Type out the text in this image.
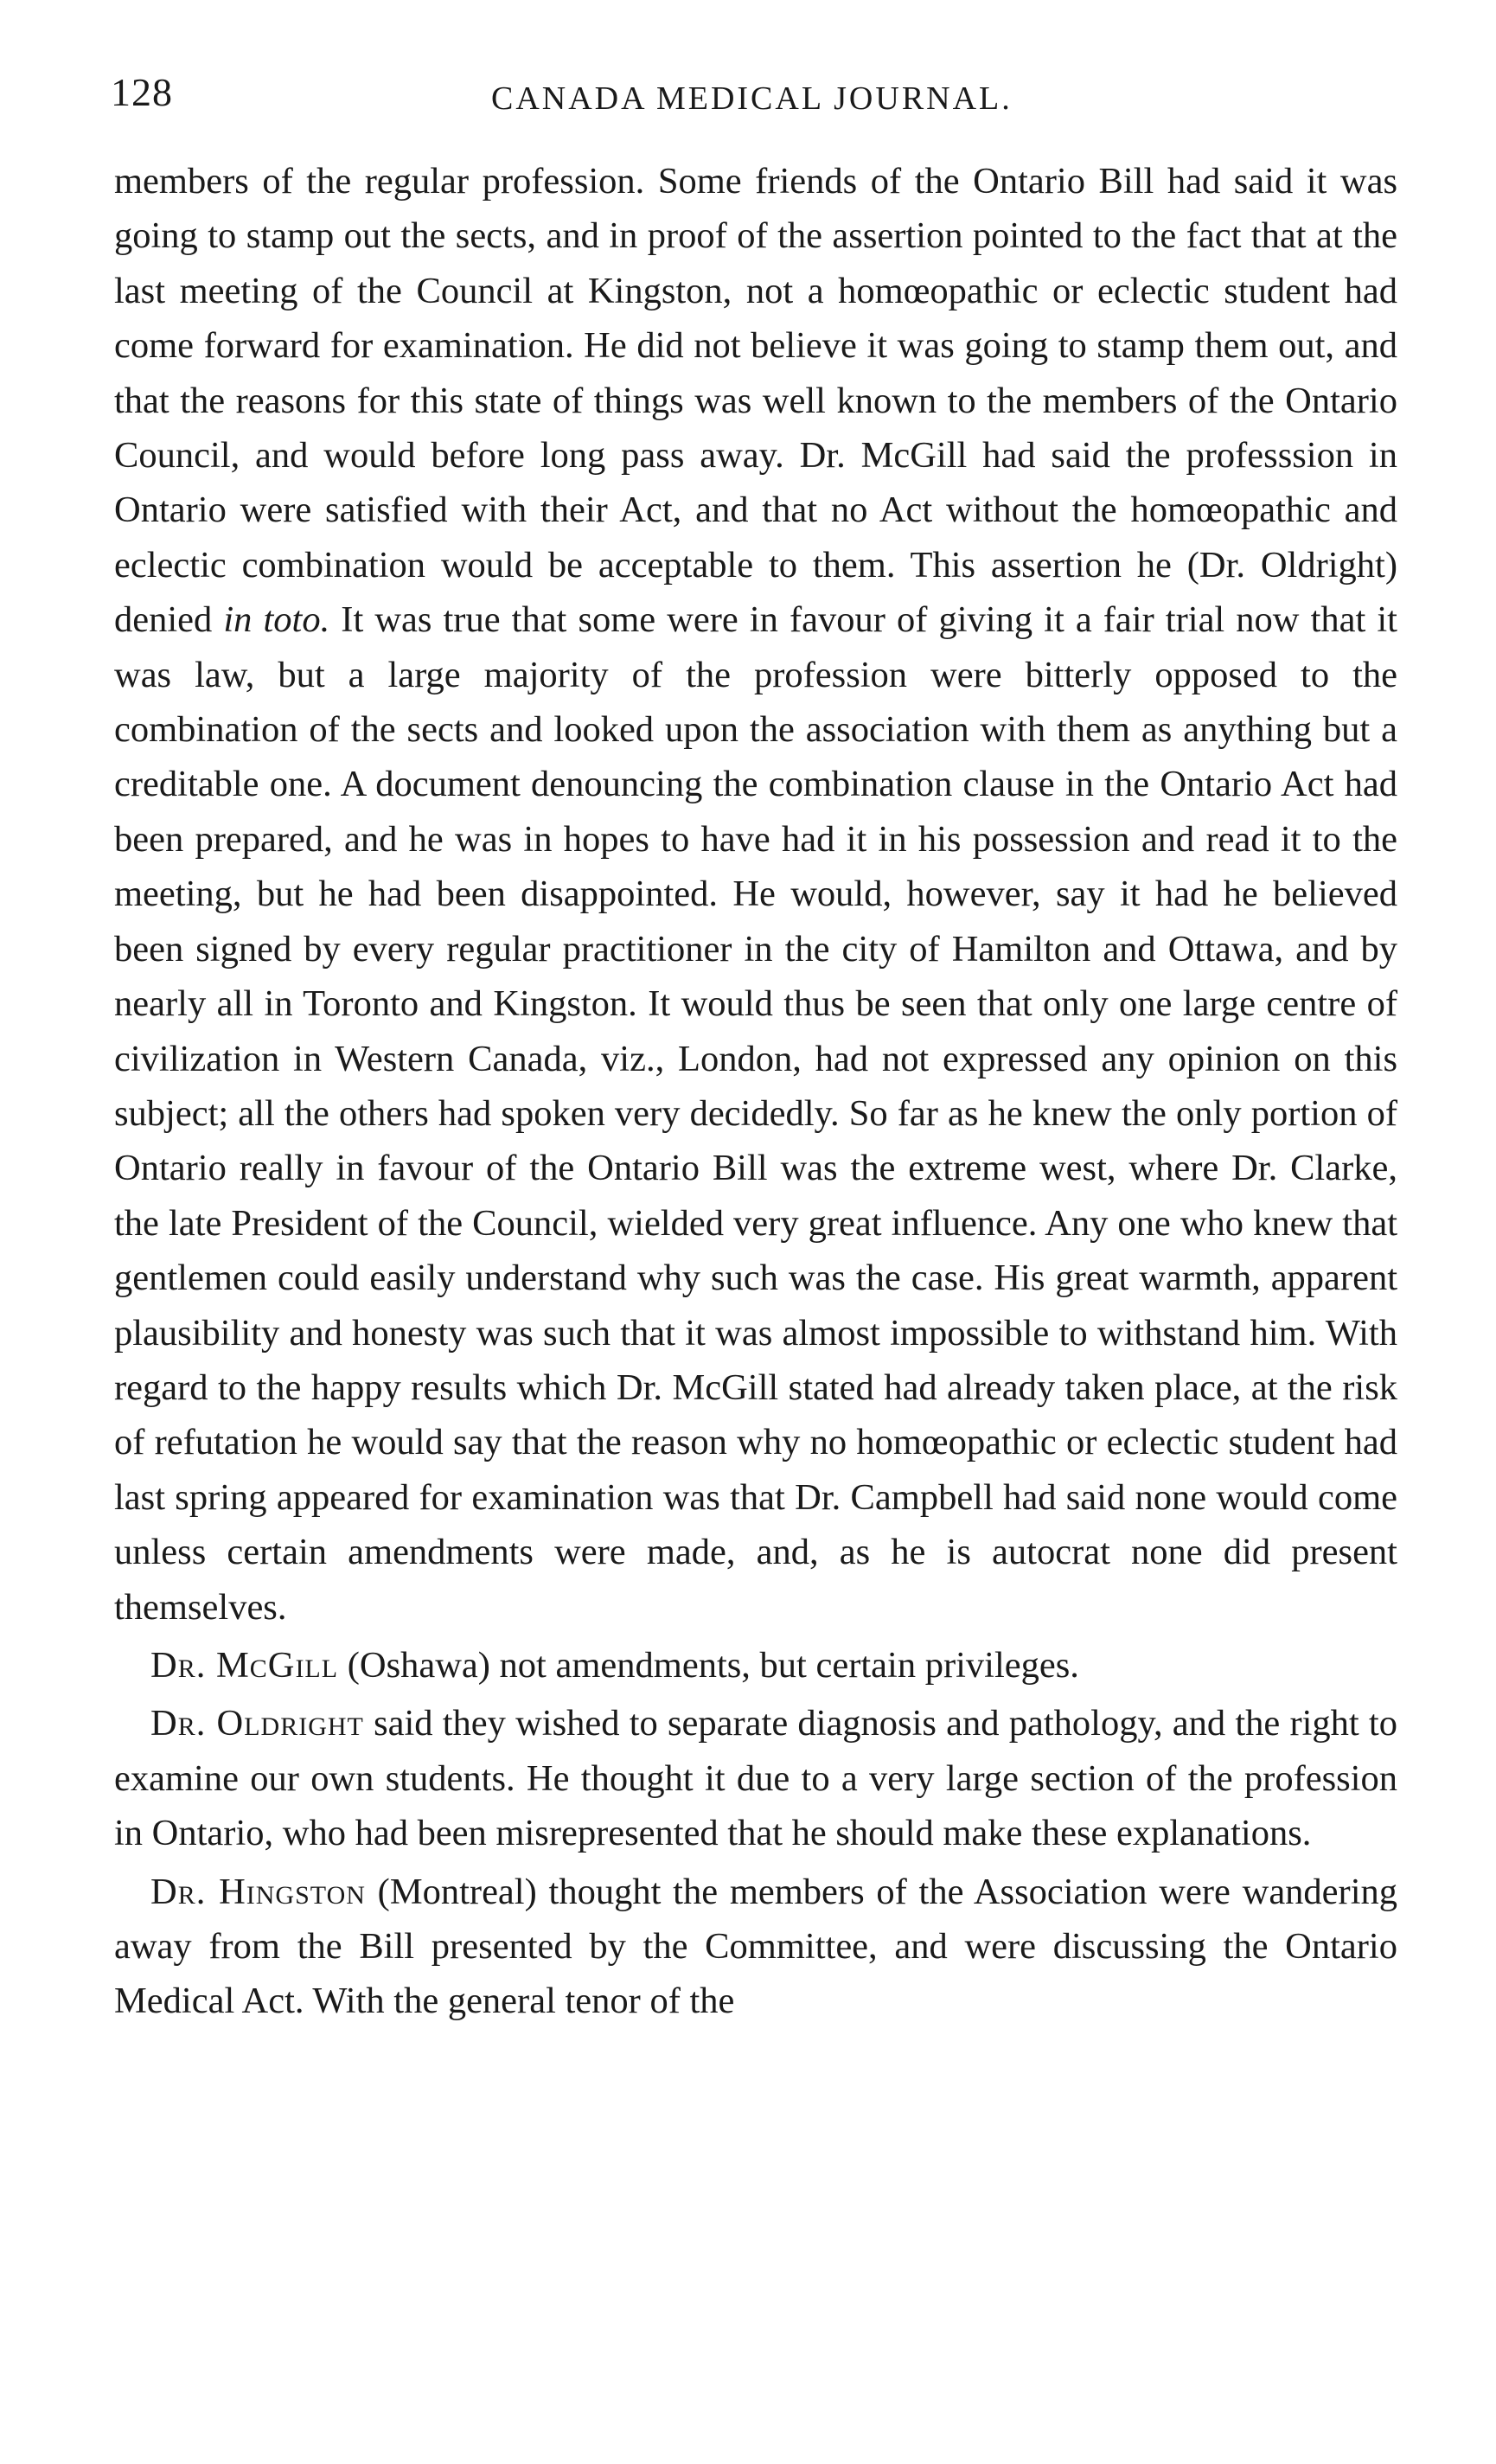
128	CANADA MEDICAL JOURNAL.

members of the regular profession. Some friends of the Ontario Bill had said it was going to stamp out the sects, and in proof of the assertion pointed to the fact that at the last meeting of the Council at Kingston, not a homœopathic or eclectic student had come forward for examination. He did not believe it was going to stamp them out, and that the reasons for this state of things was well known to the members of the Ontario Council, and would before long pass away. Dr. McGill had said the professsion in Ontario were satisfied with their Act, and that no Act without the homœopathic and eclectic combination would be acceptable to them. This assertion he (Dr. Oldright) denied in toto. It was true that some were in favour of giving it a fair trial now that it was law, but a large majority of the profession were bitterly opposed to the combination of the sects and looked upon the association with them as anything but a creditable one. A document denouncing the combination clause in the Ontario Act had been prepared, and he was in hopes to have had it in his possession and read it to the meeting, but he had been disappointed. He would, however, say it had he believed been signed by every regular practitioner in the city of Hamilton and Ottawa, and by nearly all in Toronto and Kingston. It would thus be seen that only one large centre of civilization in Western Canada, viz., London, had not expressed any opinion on this subject; all the others had spoken very decidedly. So far as he knew the only portion of Ontario really in favour of the Ontario Bill was the extreme west, where Dr. Clarke, the late President of the Council, wielded very great influence. Any one who knew that gentlemen could easily understand why such was the case. His great warmth, apparent plausibility and honesty was such that it was almost impossible to withstand him. With regard to the happy results which Dr. McGill stated had already taken place, at the risk of refutation he would say that the reason why no homœopathic or eclectic student had last spring appeared for examination was that Dr. Campbell had said none would come unless certain amendments were made, and, as he is autocrat none did present themselves.

Dr. McGill (Oshawa) not amendments, but certain privileges.

Dr. Oldright said they wished to separate diagnosis and pathology, and the right to examine our own students. He thought it due to a very large section of the profession in Ontario, who had been misrepresented that he should make these explanations.

Dr. Hingston (Montreal) thought the members of the Association were wandering away from the Bill presented by the Committee, and were discussing the Ontario Medical Act. With the general tenor of the
